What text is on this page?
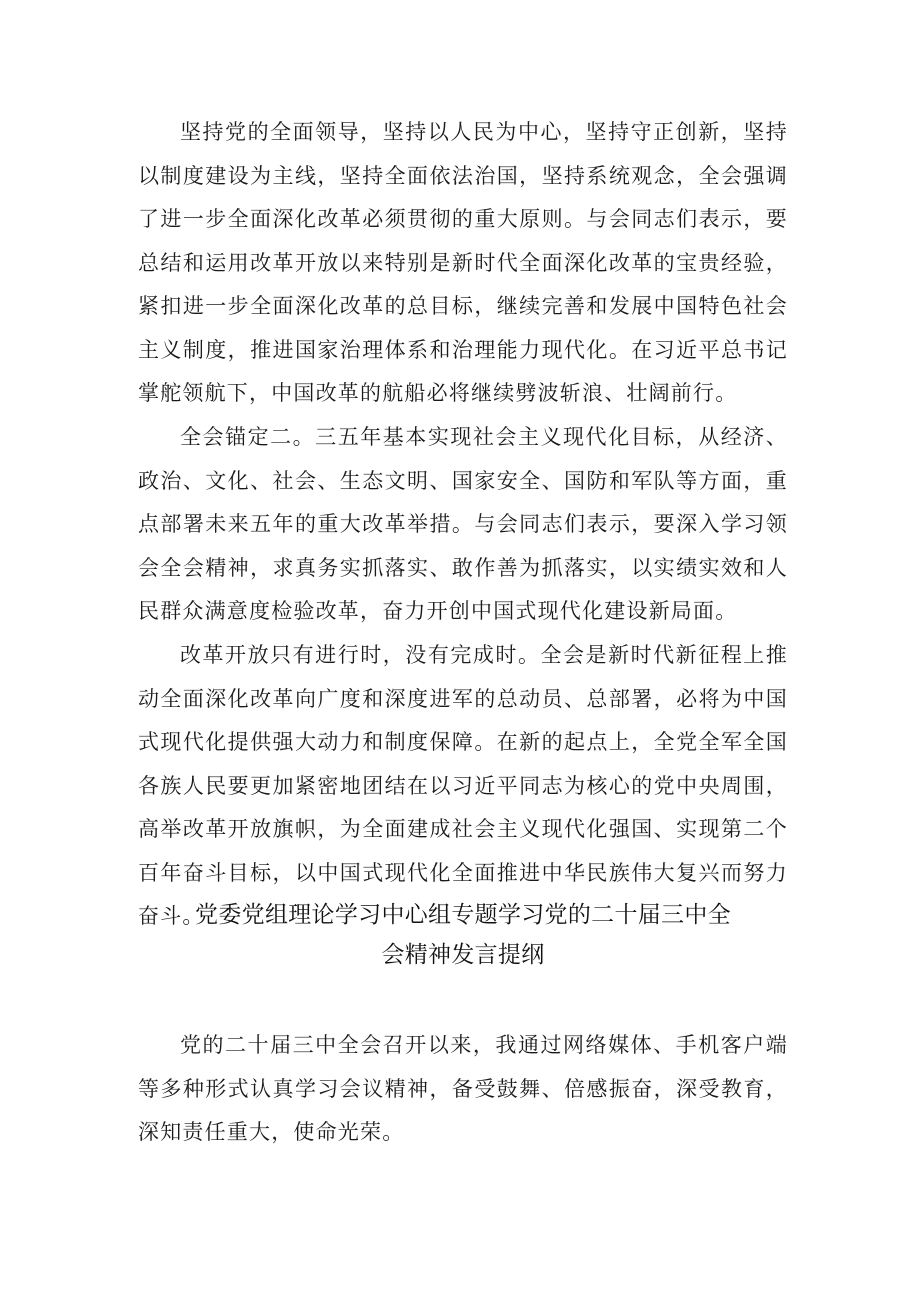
坚持党的全面领导，坚持以人民为中心，坚持守正创新，坚持以制度建设为主线，坚持全面依法治国，坚持系统观念，全会强调了进一步全面深化改革必须贯彻的重大原则。与会同志们表示，要总结和运用改革开放以来特别是新时代全面深化改革的宝贵经验，紧扣进一步全面深化改革的总目标，继续完善和发展中国特色社会主义制度，推进国家治理体系和治理能力现代化。在习近平总书记掌舵领航下，中国改革的航船必将继续劈波斩浪、壮阔前行。

全会锚定二。三五年基本实现社会主义现代化目标，从经济、政治、文化、社会、生态文明、国家安全、国防和军队等方面，重点部署未来五年的重大改革举措。与会同志们表示，要深入学习领会全会精神，求真务实抓落实、敢作善为抓落实，以实绩实效和人民群众满意度检验改革，奋力开创中国式现代化建设新局面。

改革开放只有进行时，没有完成时。全会是新时代新征程上推动全面深化改革向广度和深度进军的总动员、总部署，必将为中国式现代化提供强大动力和制度保障。在新的起点上，全党全军全国各族人民要更加紧密地团结在以习近平同志为核心的党中央周围，高举改革开放旗帜，为全面建成社会主义现代化强国、实现第二个百年奋斗目标，以中国式现代化全面推进中华民族伟大复兴而努力奋斗。

党委党组理论学习中心组专题学习党的二十届三中全
会精神发言提纲

党的二十届三中全会召开以来，我通过网络媒体、手机客户端等多种形式认真学习会议精神，备受鼓舞、倍感振奋，深受教育，深知责任重大，使命光荣。
